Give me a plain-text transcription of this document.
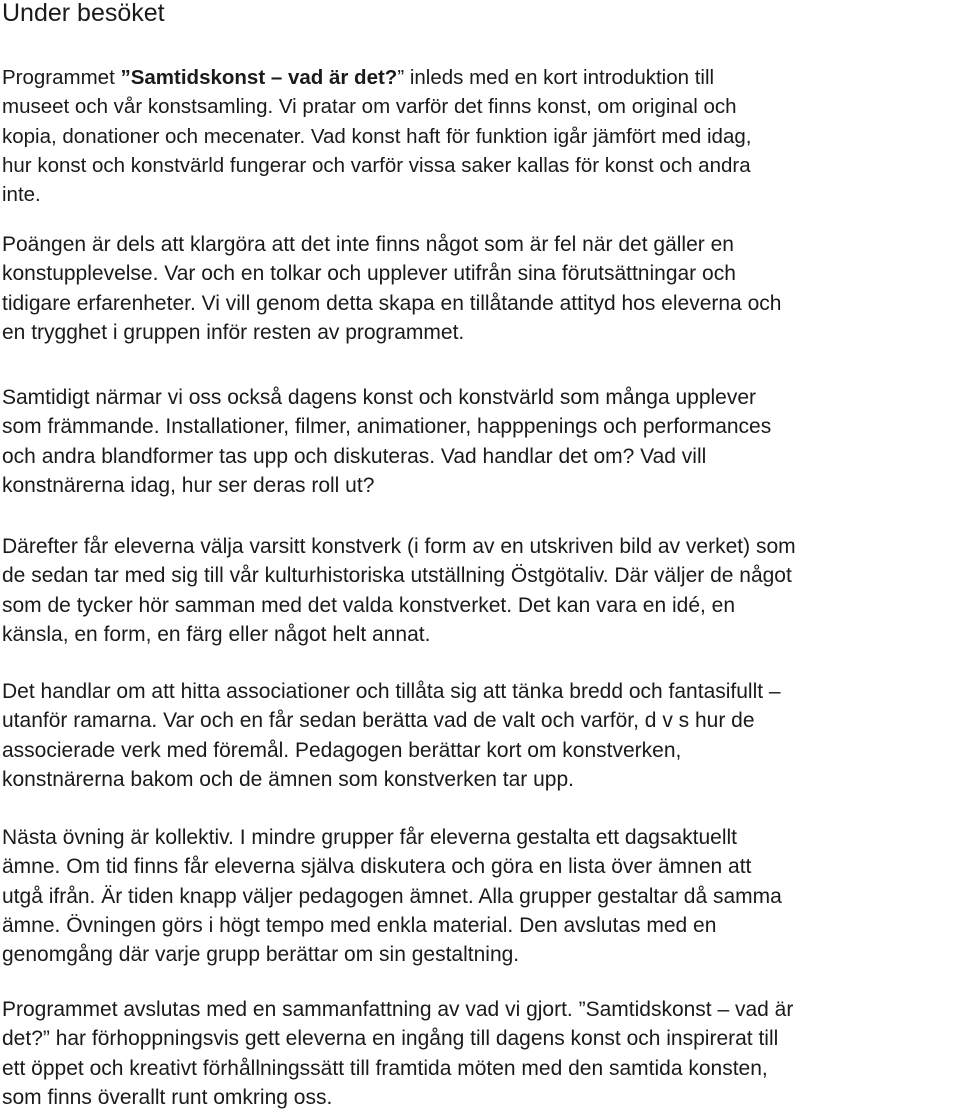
Under besöket

Programmet ”Samtidskonst – vad är det?” inleds med en kort introduktion till
museet och vår konstsamling. Vi pratar om varför det finns konst, om original och
kopia, donationer och mecenater. Vad konst haft för funktion igår jämfört med idag,
hur konst och konstvärld fungerar och varför vissa saker kallas för konst och andra
inte.

Poängen är dels att klargöra att det inte finns något som är fel när det gäller en
konstupplevelse. Var och en tolkar och upplever utifrån sina förutsättningar och
tidigare erfarenheter. Vi vill genom detta skapa en tillåtande attityd hos eleverna och
en trygghet i gruppen inför resten av programmet.

Samtidigt närmar vi oss också dagens konst och konstvärld som många upplever
som främmande. Installationer, filmer, animationer, happpenings och performances
och andra blandformer tas upp och diskuteras. Vad handlar det om? Vad vill
konstnärerna idag, hur ser deras roll ut?

Därefter får eleverna välja varsitt konstverk (i form av en utskriven bild av verket) som
de sedan tar med sig till vår kulturhistoriska utställning Östgötaliv. Där väljer de något
som de tycker hör samman med det valda konstverket. Det kan vara en idé, en
känsla, en form, en färg eller något helt annat.

Det handlar om att hitta associationer och tillåta sig att tänka bredd och fantasifullt –
utanför ramarna. Var och en får sedan berätta vad de valt och varför, d v s hur de
associerade verk med föremål. Pedagogen berättar kort om konstverken,
konstnärerna bakom och de ämnen som konstverken tar upp.

Nästa övning är kollektiv. I mindre grupper får eleverna gestalta ett dagsaktuellt
ämne. Om tid finns får eleverna själva diskutera och göra en lista över ämnen att
utgå ifrån. Är tiden knapp väljer pedagogen ämnet. Alla grupper gestaltar då samma
ämne. Övningen görs i högt tempo med enkla material. Den avslutas med en
genomgång där varje grupp berättar om sin gestaltning.

Programmet avslutas med en sammanfattning av vad vi gjort. ”Samtidskonst – vad är
det?” har förhoppningsvis gett eleverna en ingång till dagens konst och inspirerat till
ett öppet och kreativt förhållningssätt till framtida möten med den samtida konsten,
som finns överallt runt omkring oss.
